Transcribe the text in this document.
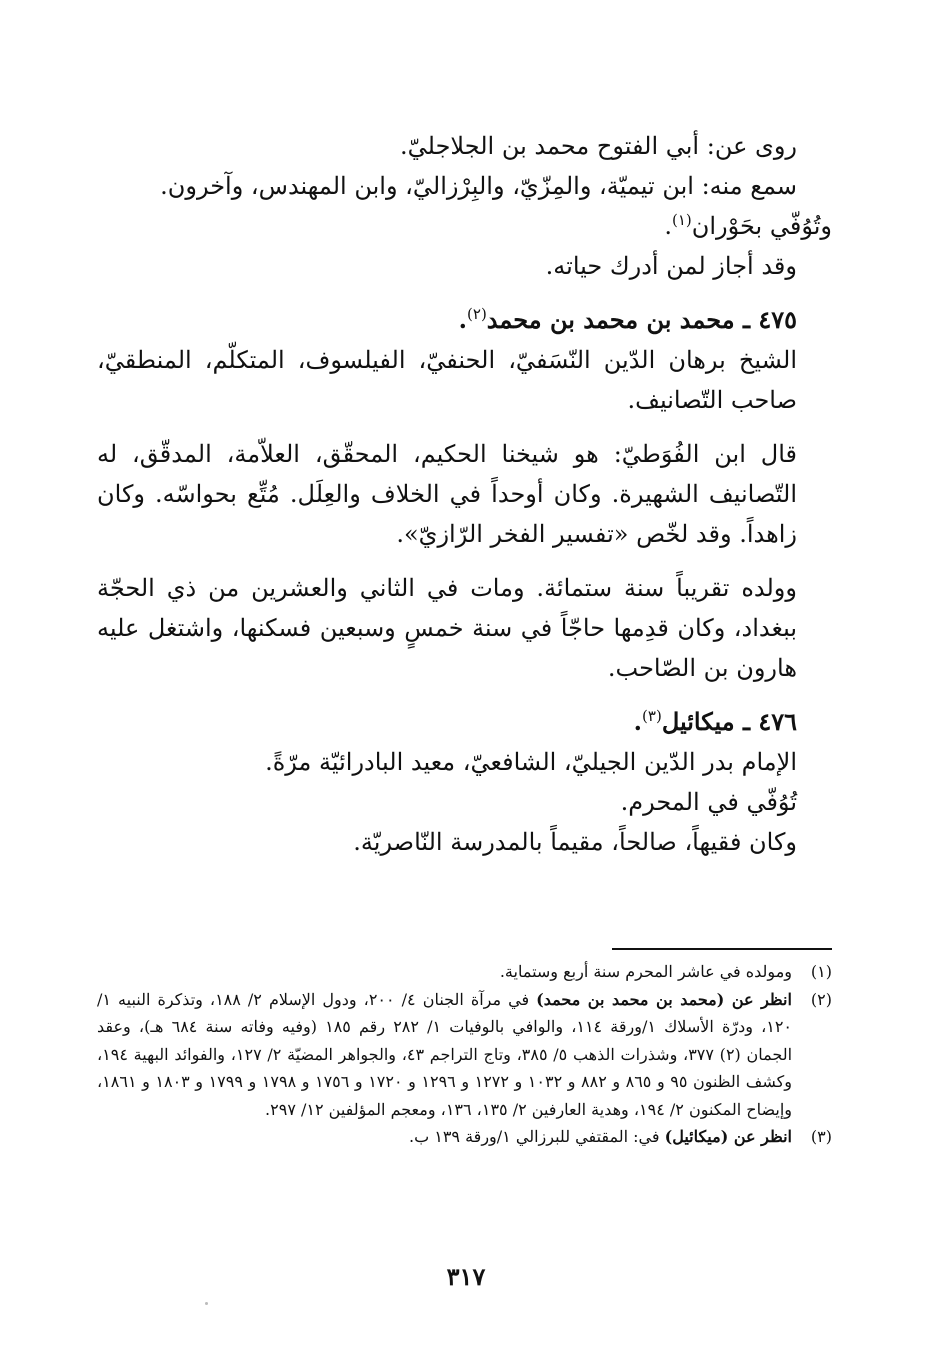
روى عن: أبي الفتوح محمد بن الجلاجليّ.

سمع منه: ابن تيميّة، والمِزّيّ، والبِرْزاليّ، وابن المهندس، وآخرون.

وتُوُفّي بحَوْران$^{(١)}$.

وقد أجاز لمن أدرك حياته.

٤٧٥ ـ محمد بن محمد بن محمد$^{(٢)}$.

الشيخ برهان الدّين النّسَفيّ، الحنفيّ، الفيلسوف، المتكلّم، المنطقيّ، صاحب التّصانيف.

قال ابن الفُوَطيّ: هو شيخنا الحكيم، المحقّق، العلاّمة، المدقّق، له التّصانيف الشهيرة. وكان أوحداً في الخلاف والعِلَل. مُتِّع بحواسّه. وكان زاهداً. وقد لخّص «تفسير الفخر الرّازيّ».

وولده تقريباً سنة ستمائة. ومات في الثاني والعشرين من ذي الحجّة ببغداد، وكان قدِمها حاجّاً في سنة خمسٍ وسبعين فسكنها، واشتغل عليه هارون بن الصّاحب.

٤٧٦ ـ ميكائيل$^{(٣)}$.

الإمام بدر الدّين الجيليّ، الشافعيّ، معيد البادرائيّة مرّةً.

تُوُفّي في المحرم.

وكان فقيهاً، صالحاً، مقيماً بالمدرسة النّاصريّة.

(١)
ومولده في عاشر المحرم سنة أربع وستماية.
(٢)
انظر عن (محمد بن محمد بن محمد) في مرآة الجنان ٤/ ٢٠٠، ودول الإسلام ٢/ ١٨٨، وتذكرة النبيه ١/ ١٢٠، ودرّة الأسلاك ١/ورقة ١١٤، والوافي بالوفيات ١/ ٢٨٢ رقم ١٨٥ (وفيه وفاته سنة ٦٨٤ هـ)، وعقد الجمان (٢) ٣٧٧، وشذرات الذهب ٥/ ٣٨٥، وتاج التراجم ٤٣، والجواهر المضيّة ٢/ ١٢٧، والفوائد البهية ١٩٤، وكشف الظنون ٩٥ و ٨٦٥ و ٨٨٢ و ١٠٣٢ و ١٢٧٢ و ١٢٩٦ و ١٧٢٠ و ١٧٥٦ و ١٧٩٨ و ١٧٩٩ و ١٨٠٣ و ١٨٦١، وإيضاح المكنون ٢/ ١٩٤، وهدية العارفين ٢/ ١٣٥، ١٣٦، ومعجم المؤلفين ١٢/ ٢٩٧.
(٣)
انظر عن (ميكائيل) في: المقتفي للبرزالي ١/ورقة ١٣٩ ب.
٣١٧
